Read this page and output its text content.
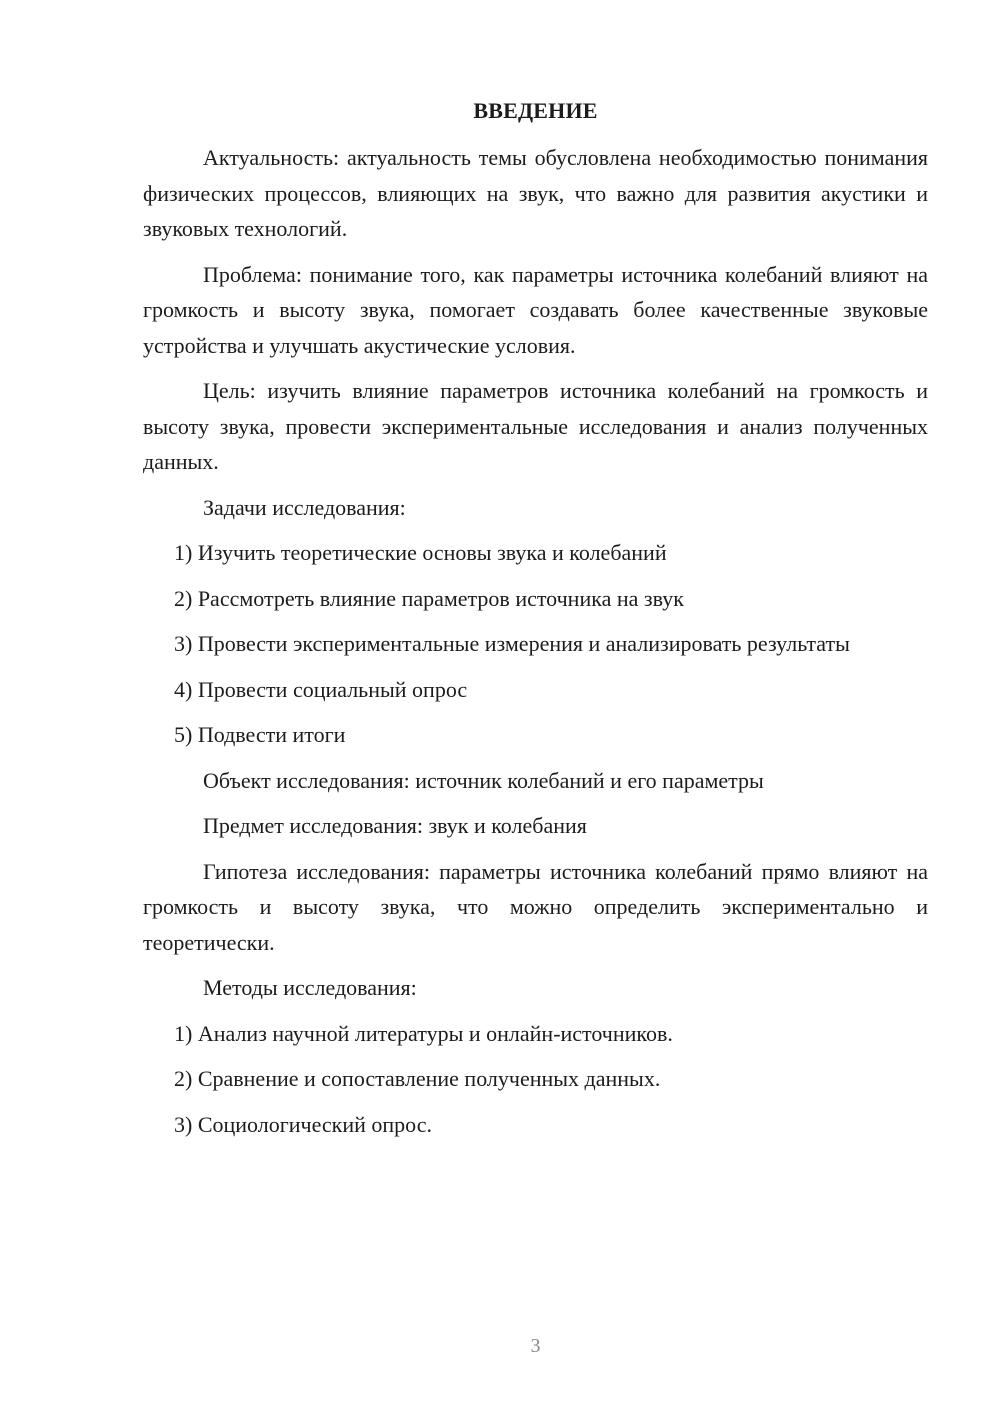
ВВЕДЕНИЕ

Актуальность: актуальность темы обусловлена необходимостью понимания физических процессов, влияющих на звук, что важно для развития акустики и звуковых технологий.

Проблема: понимание того, как параметры источника колебаний влияют на громкость и высоту звука, помогает создавать более качественные звуковые устройства и улучшать акустические условия.

Цель: изучить влияние параметров источника колебаний на громкость и высоту звука, провести экспериментальные исследования и анализ полученных данных.

Задачи исследования:

1) Изучить теоретические основы звука и колебаний

2) Рассмотреть влияние параметров источника на звук

3) Провести экспериментальные измерения и анализировать результаты

4) Провести социальный опрос

5) Подвести итоги

Объект исследования: источник колебаний и его параметры

Предмет исследования: звук и колебания

Гипотеза исследования: параметры источника колебаний прямо влияют на громкость и высоту звука, что можно определить экспериментально и теоретически.

Методы исследования:

1) Анализ научной литературы и онлайн-источников.

2) Сравнение и сопоставление полученных данных.

3) Социологический опрос.

3
